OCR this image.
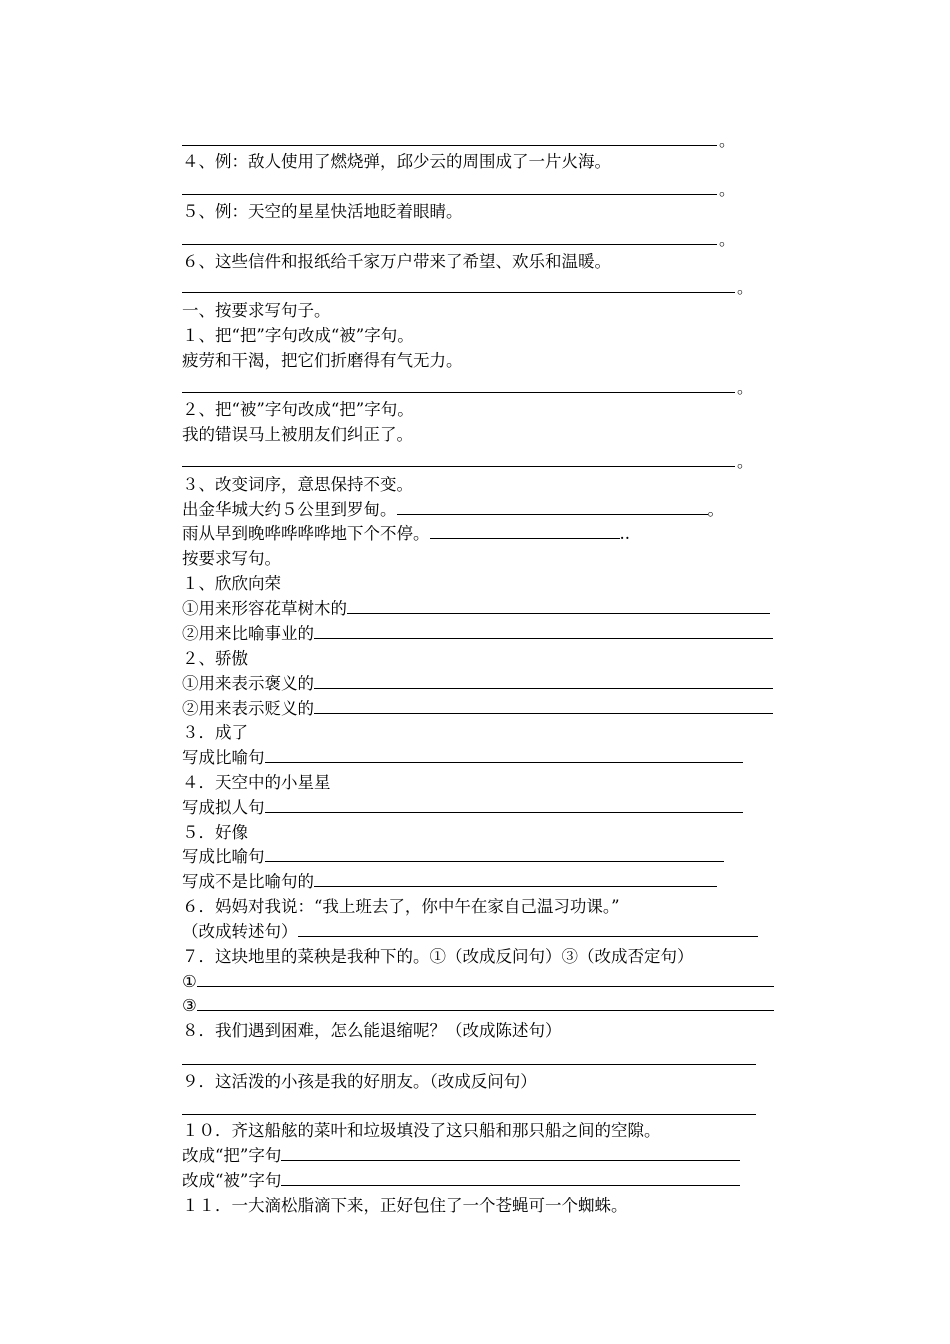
。
４、例：敌人使用了燃烧弹，邱少云的周围成了一片火海。
。
５、例：天空的星星快活地眨着眼睛。
。
６、这些信件和报纸给千家万户带来了希望、欢乐和温暖。
。
一、按要求写句子。
１、把“把”字句改成“被”字句。
疲劳和干渴，把它们折磨得有气无力。
。
２、把“被”字句改成“把”字句。
我的错误马上被朋友们纠正了。
。
３、改变词序，意思保持不变。
出金华城大约５公里到罗甸。	。
雨从早到晚哗哗哗哗地下个不停。	..
按要求写句。
１、欣欣向荣
①用来形容花草树木的
②用来比喻事业的
２、骄傲
①用来表示褒义的
②用来表示贬义的
３．成了
写成比喻句
４．天空中的小星星
写成拟人句
５．好像
写成比喻句
写成不是比喻句的
６．妈妈对我说：“我上班去了，你中午在家自己温习功课。”
（改成转述句）
７．这块地里的菜秧是我种下的。①（改成反问句）③（改成否定句）
①
③
８．我们遇到困难，怎么能退缩呢？（改成陈述句）
９．这活泼的小孩是我的好朋友。（改成反问句）
１０．齐这船舷的菜叶和垃圾填没了这只船和那只船之间的空隙。
改成“把”字句
改成“被”字句
１１．一大滴松脂滴下来，正好包住了一个苍蝇可一个蜘蛛。
